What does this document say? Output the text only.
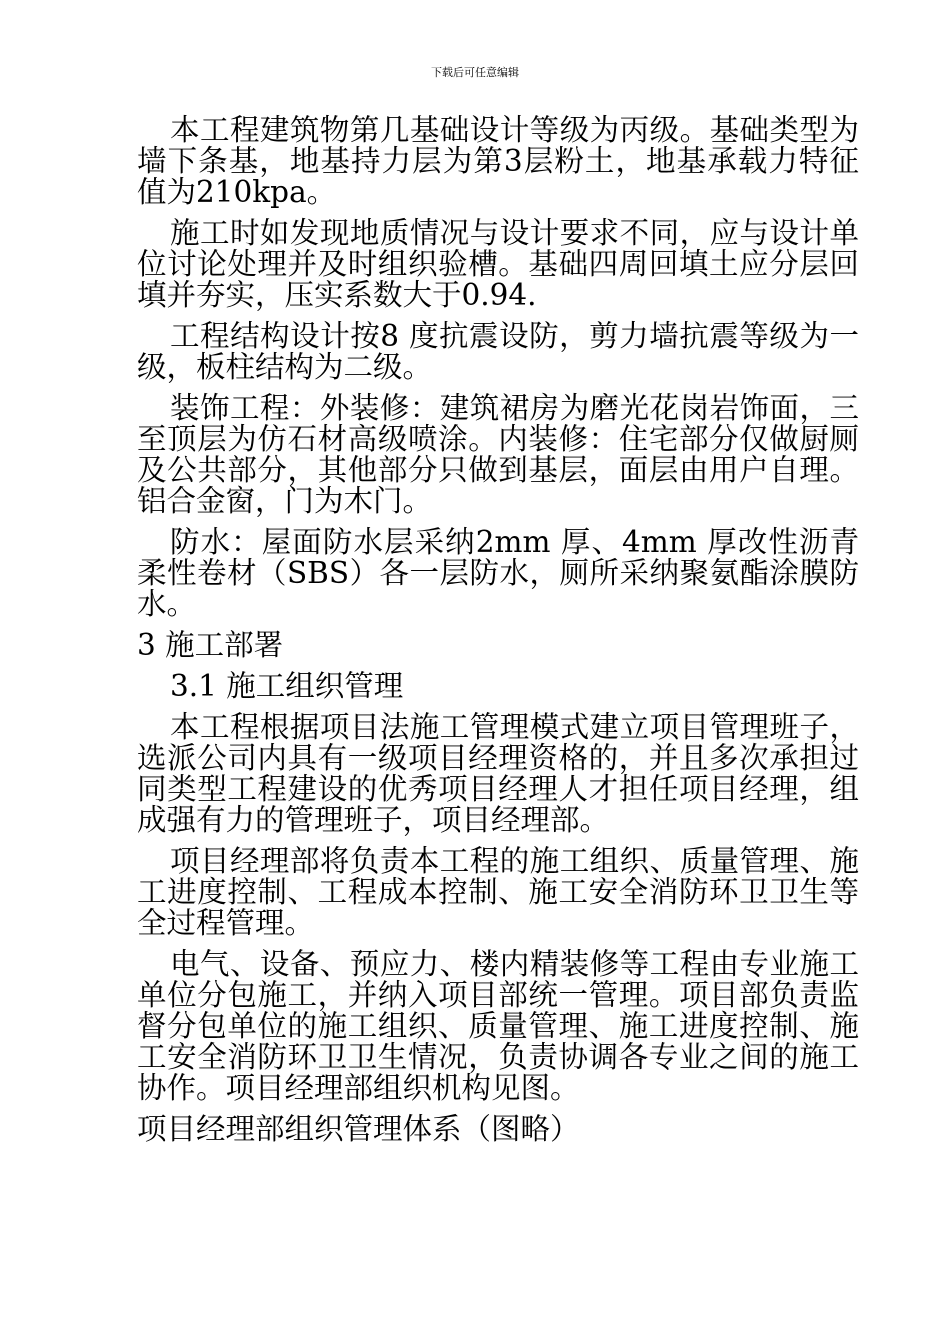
下载后可任意编辑

本工程建筑物第几基础设计等级为丙级。基础类型为墙下条基，地基持力层为第3层粉土，地基承载力特征值为210kpa。

施工时如发现地质情况与设计要求不同，应与设计单位讨论处理并及时组织验槽。基础四周回填土应分层回填并夯实，压实系数大于0.94.

工程结构设计按8 度抗震设防，剪力墙抗震等级为一级，板柱结构为二级。

装饰工程：外装修：建筑裙房为磨光花岗岩饰面，三至顶层为仿石材高级喷涂。内装修：住宅部分仅做厨厕及公共部分，其他部分只做到基层，面层由用户自理。铝合金窗，门为木门。

防水：屋面防水层采纳2mm 厚、4mm 厚改性沥青柔性卷材（SBS）各一层防水，厕所采纳聚氨酯涂膜防水。

3 施工部署
3.1 施工组织管理

本工程根据项目法施工管理模式建立项目管理班子，选派公司内具有一级项目经理资格的，并且多次承担过同类型工程建设的优秀项目经理人才担任项目经理，组成强有力的管理班子，项目经理部。

项目经理部将负责本工程的施工组织、质量管理、施工进度控制、工程成本控制、施工安全消防环卫卫生等全过程管理。

电气、设备、预应力、楼内精装修等工程由专业施工单位分包施工，并纳入项目部统一管理。项目部负责监督分包单位的施工组织、质量管理、施工进度控制、施工安全消防环卫卫生情况，负责协调各专业之间的施工协作。项目经理部组织机构见图。

项目经理部组织管理体系（图略）
